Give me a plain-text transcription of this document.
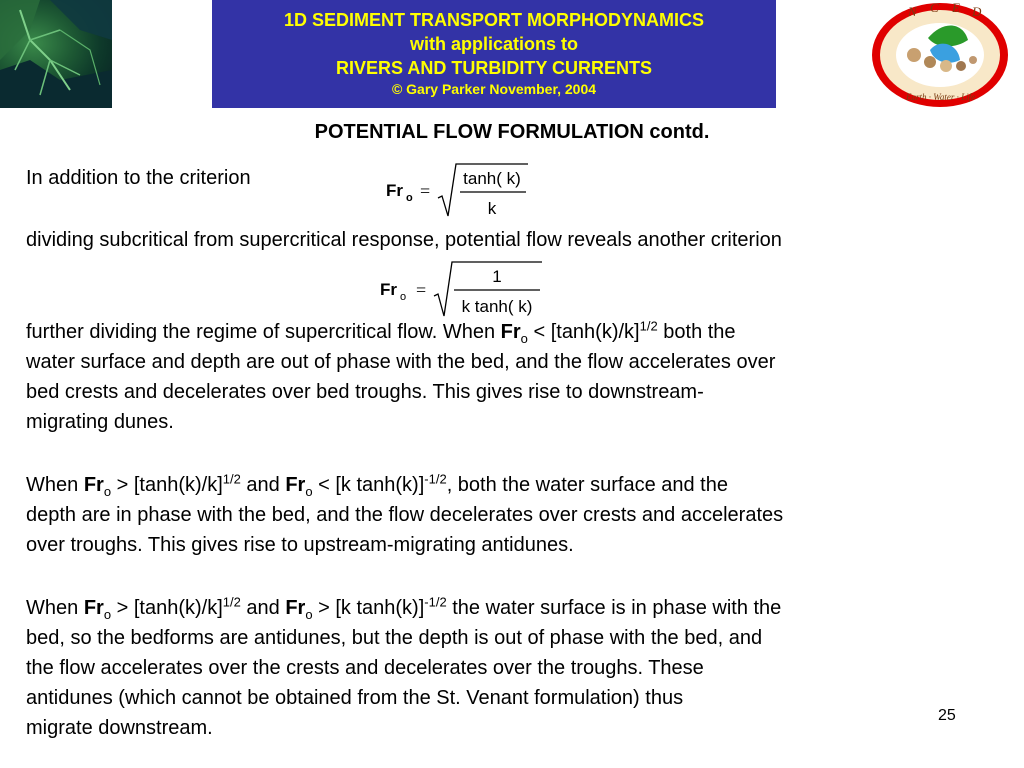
1D SEDIMENT TRANSPORT MORPHODYNAMICS
with applications to
RIVERS AND TURBIDITY CURRENTS
© Gary Parker November, 2004
N C E D
Earth · Water · Life
POTENTIAL FLOW FORMULATION contd.
In addition to the criterion
Fr o =
tanh( k)
k
dividing subcritical from supercritical response, potential flow reveals another criterion
Fr o =
1
k tanh( k)
further dividing the regime of supercritical flow. When $Fr_o < [\tanh(k)/k]^{1/2}$ both the
water surface and depth are out of phase with the bed, and the flow accelerates over
bed crests and decelerates over bed troughs. This gives rise to downstream-
migrating dunes.
When $Fr_o > [\tanh(k)/k]^{1/2}$ and $Fr_o < [k$ tanh(k)]$^{-1/2}$, both the water surface and the
depth are in phase with the bed, and the flow decelerates over crests and accelerates
over troughs. This gives rise to upstream-migrating antidunes.
When $Fr_o > [\tanh(k)/k]^{1/2}$ and $Fr_o > [k$ tanh(k)]$^{-1/2}$ the water surface is in phase with the
bed, so the bedforms are antidunes, but the depth is out of phase with the bed, and
the flow accelerates over the crests and decelerates over the troughs. These
antidunes (which cannot be obtained from the St. Venant formulation) thus
migrate downstream.
25
